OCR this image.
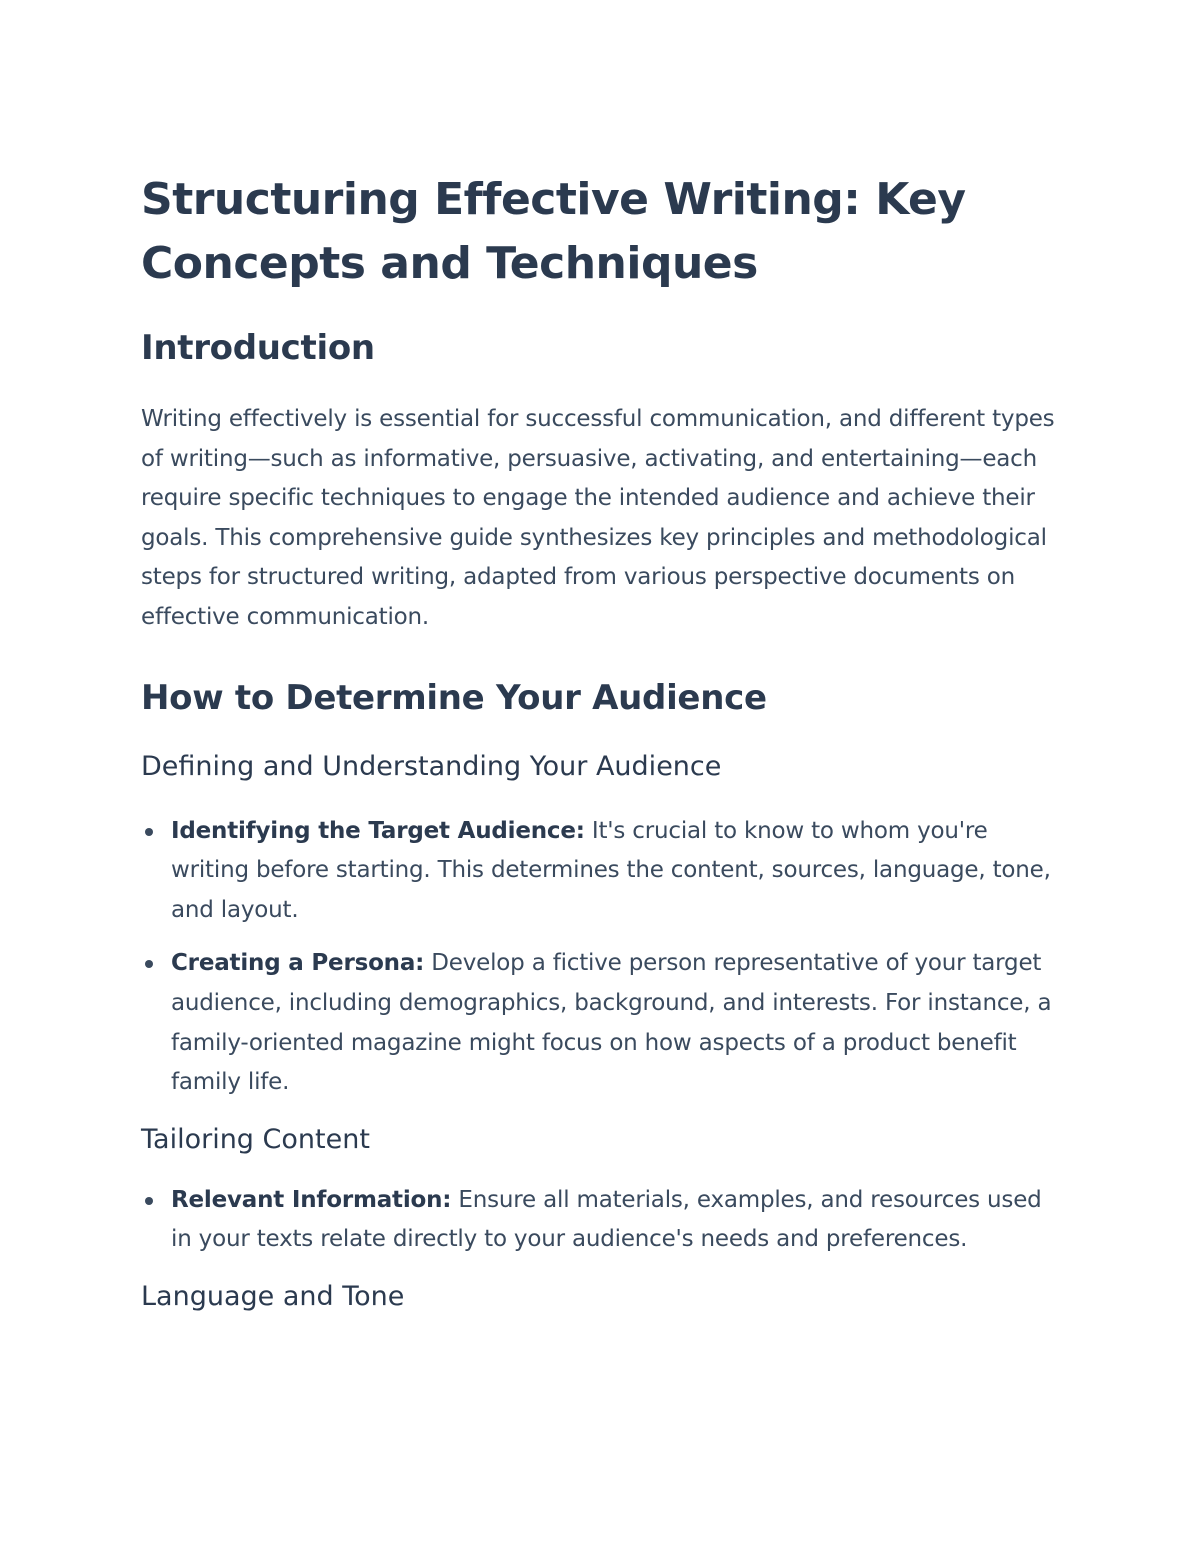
Structuring Effective Writing: Key Concepts and Techniques
Introduction

Writing effectively is essential for successful communication, and different types of writing—such as informative, persuasive, activating, and entertaining—each require specific techniques to engage the intended audience and achieve their goals. This comprehensive guide synthesizes key principles and methodological steps for structured writing, adapted from various perspective documents on effective communication.

How to Determine Your Audience
Defining and Understanding Your Audience
Identifying the Target Audience: It's crucial to know to whom you're writing before starting. This determines the content, sources, language, tone, and layout.
Creating a Persona: Develop a fictive person representative of your target audience, including demographics, background, and interests. For instance, a family-oriented magazine might focus on how aspects of a product benefit family life.
Tailoring Content
Relevant Information: Ensure all materials, examples, and resources used in your texts relate directly to your audience's needs and preferences.
Language and Tone
